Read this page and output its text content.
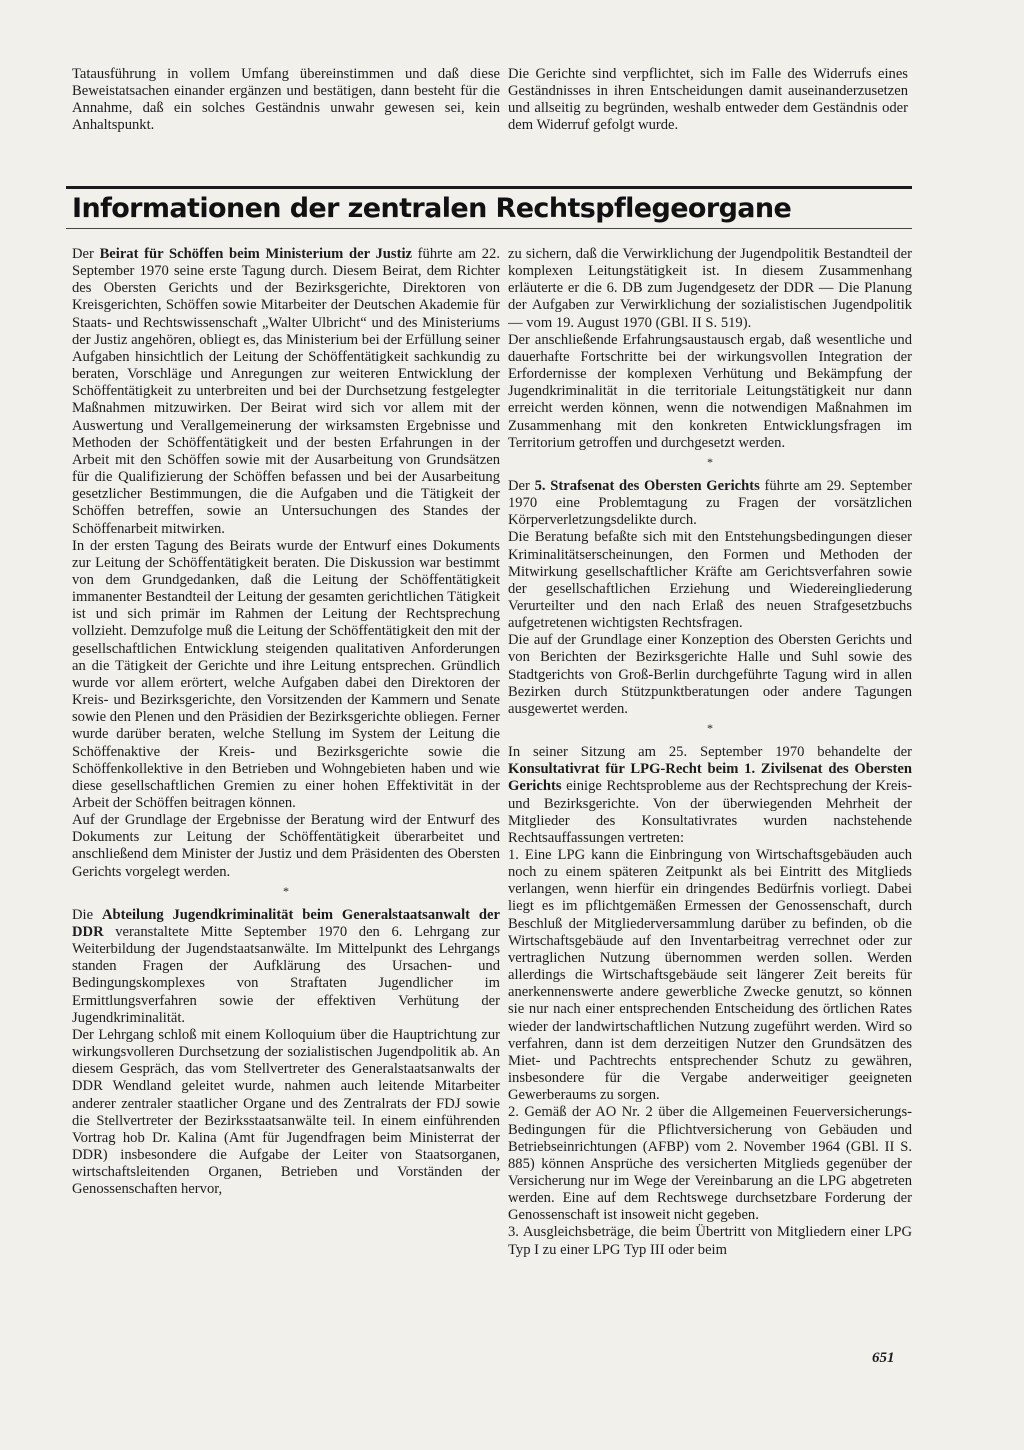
Tatausführung in vollem Umfang übereinstimmen und daß diese Beweistatsachen einander ergänzen und bestätigen, dann besteht für die Annahme, daß ein solches Geständnis unwahr gewesen sei, kein Anhaltspunkt.

Die Gerichte sind verpflichtet, sich im Falle des Widerrufs eines Geständnisses in ihren Entscheidungen damit auseinanderzusetzen und allseitig zu begründen, weshalb entweder dem Geständnis oder dem Widerruf gefolgt wurde.

Informationen der zentralen Rechtspflegeorgane

Der Beirat für Schöffen beim Ministerium der Justiz führte am 22. September 1970 seine erste Tagung durch. Diesem Beirat, dem Richter des Obersten Gerichts und der Bezirksgerichte, Direktoren von Kreisgerichten, Schöffen sowie Mitarbeiter der Deutschen Akademie für Staats- und Rechtswissenschaft „Walter Ulbricht“ und des Ministeriums der Justiz angehören, obliegt es, das Ministerium bei der Erfüllung seiner Aufgaben hinsichtlich der Leitung der Schöffentätigkeit sachkundig zu beraten, Vorschläge und Anregungen zur weiteren Entwicklung der Schöffentätigkeit zu unterbreiten und bei der Durchsetzung festgelegter Maßnahmen mitzuwirken. Der Beirat wird sich vor allem mit der Auswertung und Verallgemeinerung der wirksamsten Ergebnisse und Methoden der Schöffentätigkeit und der besten Erfahrungen in der Arbeit mit den Schöffen sowie mit der Ausarbeitung von Grundsätzen für die Qualifizierung der Schöffen befassen und bei der Ausarbeitung gesetzlicher Bestimmungen, die die Aufgaben und die Tätigkeit der Schöffen betreffen, sowie an Untersuchungen des Standes der Schöffenarbeit mitwirken.

In der ersten Tagung des Beirats wurde der Entwurf eines Dokuments zur Leitung der Schöffentätigkeit beraten. Die Diskussion war bestimmt von dem Grundgedanken, daß die Leitung der Schöffentätigkeit immanenter Bestandteil der Leitung der gesamten gerichtlichen Tätigkeit ist und sich primär im Rahmen der Leitung der Rechtsprechung vollzieht. Demzufolge muß die Leitung der Schöffentätigkeit den mit der gesellschaftlichen Entwicklung steigenden qualitativen Anforderungen an die Tätigkeit der Gerichte und ihre Leitung entsprechen. Gründlich wurde vor allem erörtert, welche Aufgaben dabei den Direktoren der Kreis- und Bezirksgerichte, den Vorsitzenden der Kammern und Senate sowie den Plenen und den Präsidien der Bezirksgerichte obliegen. Ferner wurde darüber beraten, welche Stellung im System der Leitung die Schöffenaktive der Kreis- und Bezirksgerichte sowie die Schöffenkollektive in den Betrieben und Wohngebieten haben und wie diese gesellschaftlichen Gremien zu einer hohen Effektivität in der Arbeit der Schöffen beitragen können.

Auf der Grundlage der Ergebnisse der Beratung wird der Entwurf des Dokuments zur Leitung der Schöffentätigkeit überarbeitet und anschließend dem Minister der Justiz und dem Präsidenten des Obersten Gerichts vorgelegt werden.

*

Die Abteilung Jugendkriminalität beim Generalstaatsanwalt der DDR veranstaltete Mitte September 1970 den 6. Lehrgang zur Weiterbildung der Jugendstaatsanwälte. Im Mittelpunkt des Lehrgangs standen Fragen der Aufklärung des Ursachen- und Bedingungskomplexes von Straftaten Jugendlicher im Ermittlungsverfahren sowie der effektiven Verhütung der Jugendkriminalität.

Der Lehrgang schloß mit einem Kolloquium über die Hauptrichtung zur wirkungsvolleren Durchsetzung der sozialistischen Jugendpolitik ab. An diesem Gespräch, das vom Stellvertreter des Generalstaatsanwalts der DDR Wendland geleitet wurde, nahmen auch leitende Mitarbeiter anderer zentraler staatlicher Organe und des Zentralrats der FDJ sowie die Stellvertreter der Bezirksstaatsanwälte teil. In einem einführenden Vortrag hob Dr. Kalina (Amt für Jugendfragen beim Ministerrat der DDR) insbesondere die Aufgabe der Leiter von Staatsorganen, wirtschaftsleitenden Organen, Betrieben und Vorständen der Genossenschaften hervor,

zu sichern, daß die Verwirklichung der Jugendpolitik Bestandteil der komplexen Leitungstätigkeit ist. In diesem Zusammenhang erläuterte er die 6. DB zum Jugendgesetz der DDR — Die Planung der Aufgaben zur Verwirklichung der sozialistischen Jugendpolitik — vom 19. August 1970 (GBl. II S. 519).

Der anschließende Erfahrungsaustausch ergab, daß wesentliche und dauerhafte Fortschritte bei der wirkungsvollen Integration der Erfordernisse der komplexen Verhütung und Bekämpfung der Jugendkriminalität in die territoriale Leitungstätigkeit nur dann erreicht werden können, wenn die notwendigen Maßnahmen im Zusammenhang mit den konkreten Entwicklungsfragen im Territorium getroffen und durchgesetzt werden.

*

Der 5. Strafsenat des Obersten Gerichts führte am 29. September 1970 eine Problemtagung zu Fragen der vorsätzlichen Körperverletzungsdelikte durch.

Die Beratung befaßte sich mit den Entstehungsbedingungen dieser Kriminalitätserscheinungen, den Formen und Methoden der Mitwirkung gesellschaftlicher Kräfte am Gerichtsverfahren sowie der gesellschaftlichen Erziehung und Wiedereingliederung Verurteilter und den nach Erlaß des neuen Strafgesetzbuchs aufgetretenen wichtigsten Rechtsfragen.

Die auf der Grundlage einer Konzeption des Obersten Gerichts und von Berichten der Bezirksgerichte Halle und Suhl sowie des Stadtgerichts von Groß-Berlin durchgeführte Tagung wird in allen Bezirken durch Stützpunktberatungen oder andere Tagungen ausgewertet werden.

*

In seiner Sitzung am 25. September 1970 behandelte der Konsultativrat für LPG-Recht beim 1. Zivilsenat des Obersten Gerichts einige Rechtsprobleme aus der Rechtsprechung der Kreis- und Bezirksgerichte. Von der überwiegenden Mehrheit der Mitglieder des Konsultativrates wurden nachstehende Rechtsauffassungen vertreten:

1. Eine LPG kann die Einbringung von Wirtschaftsgebäuden auch noch zu einem späteren Zeitpunkt als bei Eintritt des Mitglieds verlangen, wenn hierfür ein dringendes Bedürfnis vorliegt. Dabei liegt es im pflichtgemäßen Ermessen der Genossenschaft, durch Beschluß der Mitgliederversammlung darüber zu befinden, ob die Wirtschaftsgebäude auf den Inventarbeitrag verrechnet oder zur vertraglichen Nutzung übernommen werden sollen. Werden allerdings die Wirtschaftsgebäude seit längerer Zeit bereits für anerkennenswerte andere gewerbliche Zwecke genutzt, so können sie nur nach einer entsprechenden Entscheidung des örtlichen Rates wieder der landwirtschaftlichen Nutzung zugeführt werden. Wird so verfahren, dann ist dem derzeitigen Nutzer den Grundsätzen des Miet- und Pachtrechts entsprechender Schutz zu gewähren, insbesondere für die Vergabe anderweitiger geeigneten Gewerberaums zu sorgen.

2. Gemäß der AO Nr. 2 über die Allgemeinen Feuerversicherungs-Bedingungen für die Pflichtversicherung von Gebäuden und Betriebseinrichtungen (AFBP) vom 2. November 1964 (GBl. II S. 885) können Ansprüche des versicherten Mitglieds gegenüber der Versicherung nur im Wege der Vereinbarung an die LPG abgetreten werden. Eine auf dem Rechtswege durchsetzbare Forderung der Genossenschaft ist insoweit nicht gegeben.

3. Ausgleichsbeträge, die beim Übertritt von Mitgliedern einer LPG Typ I zu einer LPG Typ III oder beim

651
